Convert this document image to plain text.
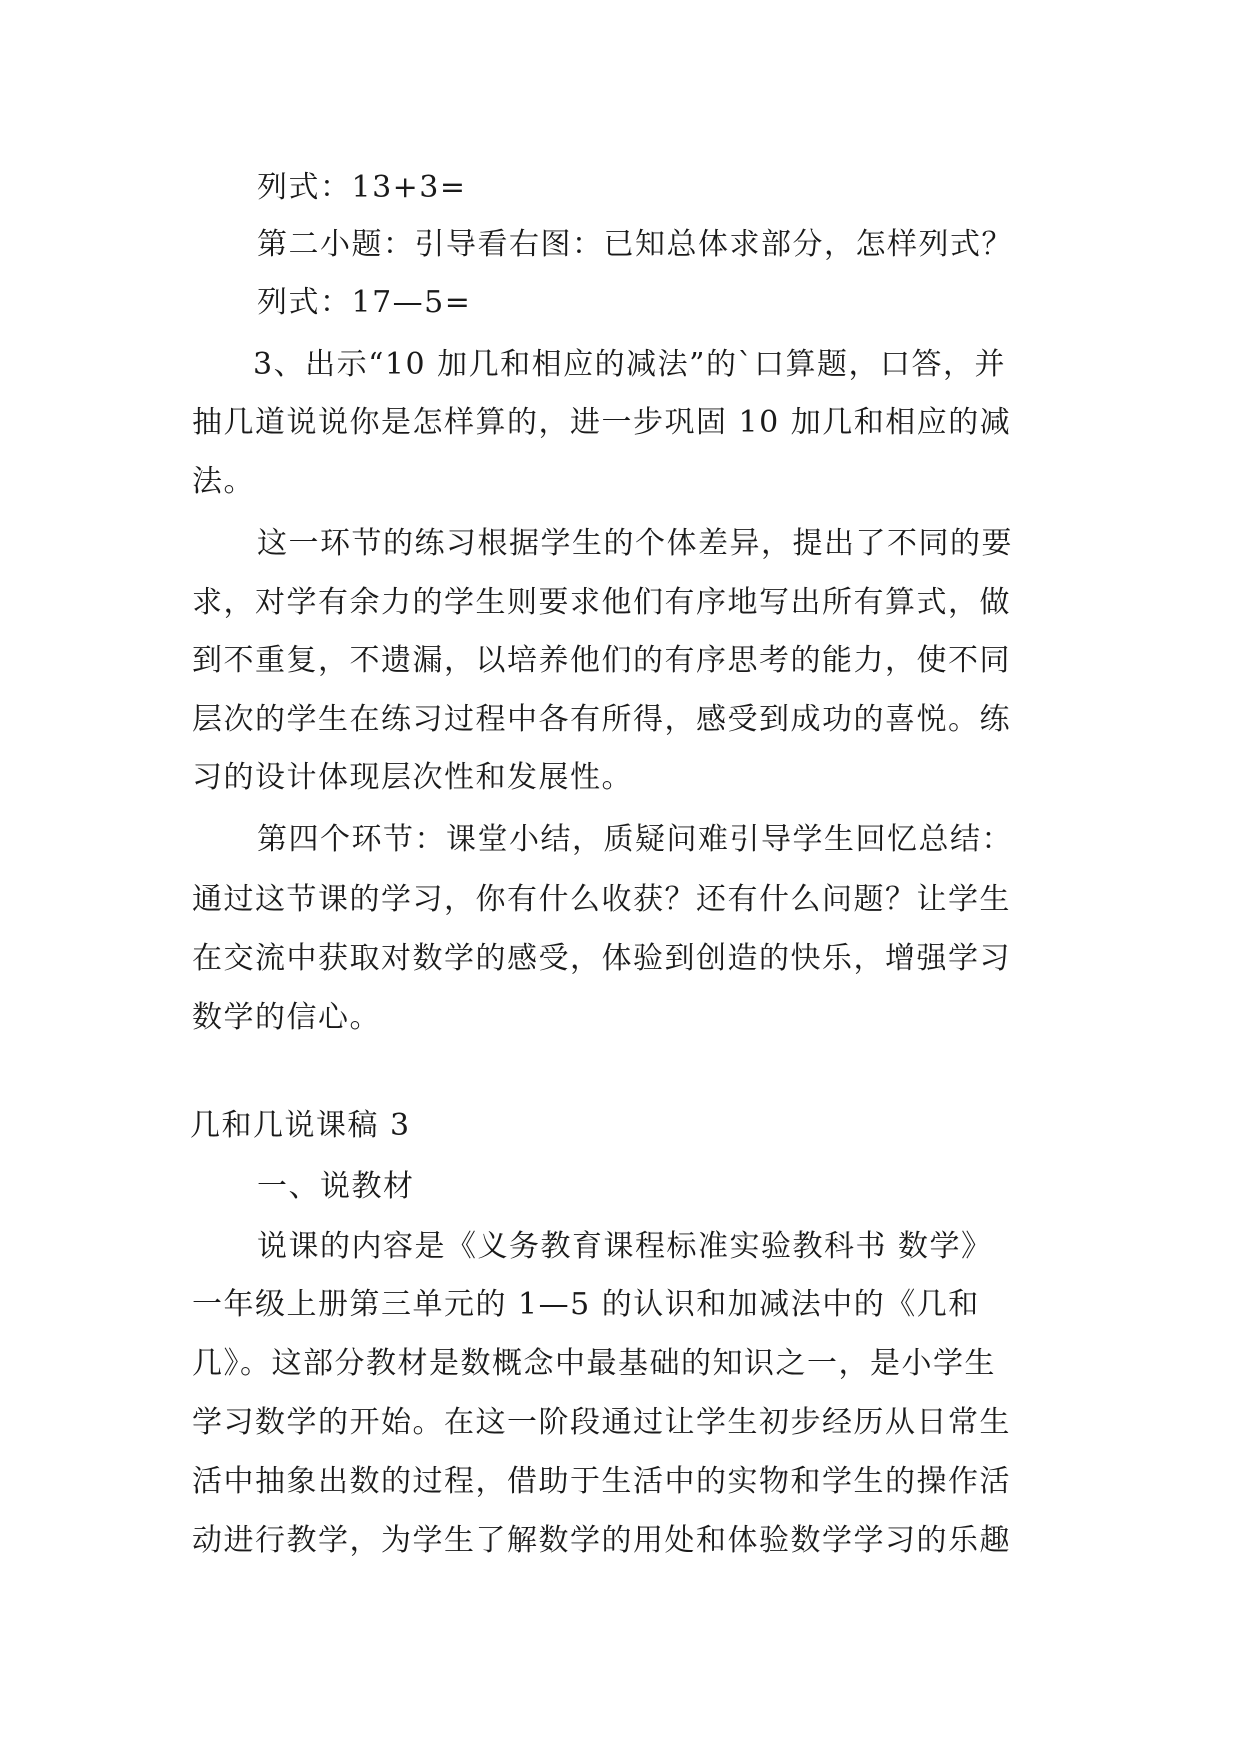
列式：13+3=
第二小题：引导看右图：已知总体求部分，怎样列式？
列式：17—5=
3、出示“10 加几和相应的减法”的`口算题，口答，并
抽几道说说你是怎样算的，进一步巩固 10 加几和相应的减
法。
这一环节的练习根据学生的个体差异，提出了不同的要
求，对学有余力的学生则要求他们有序地写出所有算式，做
到不重复，不遗漏，以培养他们的有序思考的能力，使不同
层次的学生在练习过程中各有所得，感受到成功的喜悦。练
习的设计体现层次性和发展性。
第四个环节：课堂小结，质疑问难引导学生回忆总结：
通过这节课的学习，你有什么收获？还有什么问题？让学生
在交流中获取对数学的感受，体验到创造的快乐，增强学习
数学的信心。
几和几说课稿 3
一、说教材
说课的内容是《义务教育课程标准实验教科书 数学》
一年级上册第三单元的 1—5 的认识和加减法中的《几和
几》。这部分教材是数概念中最基础的知识之一，是小学生
学习数学的开始。在这一阶段通过让学生初步经历从日常生
活中抽象出数的过程，借助于生活中的实物和学生的操作活
动进行教学，为学生了解数学的用处和体验数学学习的乐趣
